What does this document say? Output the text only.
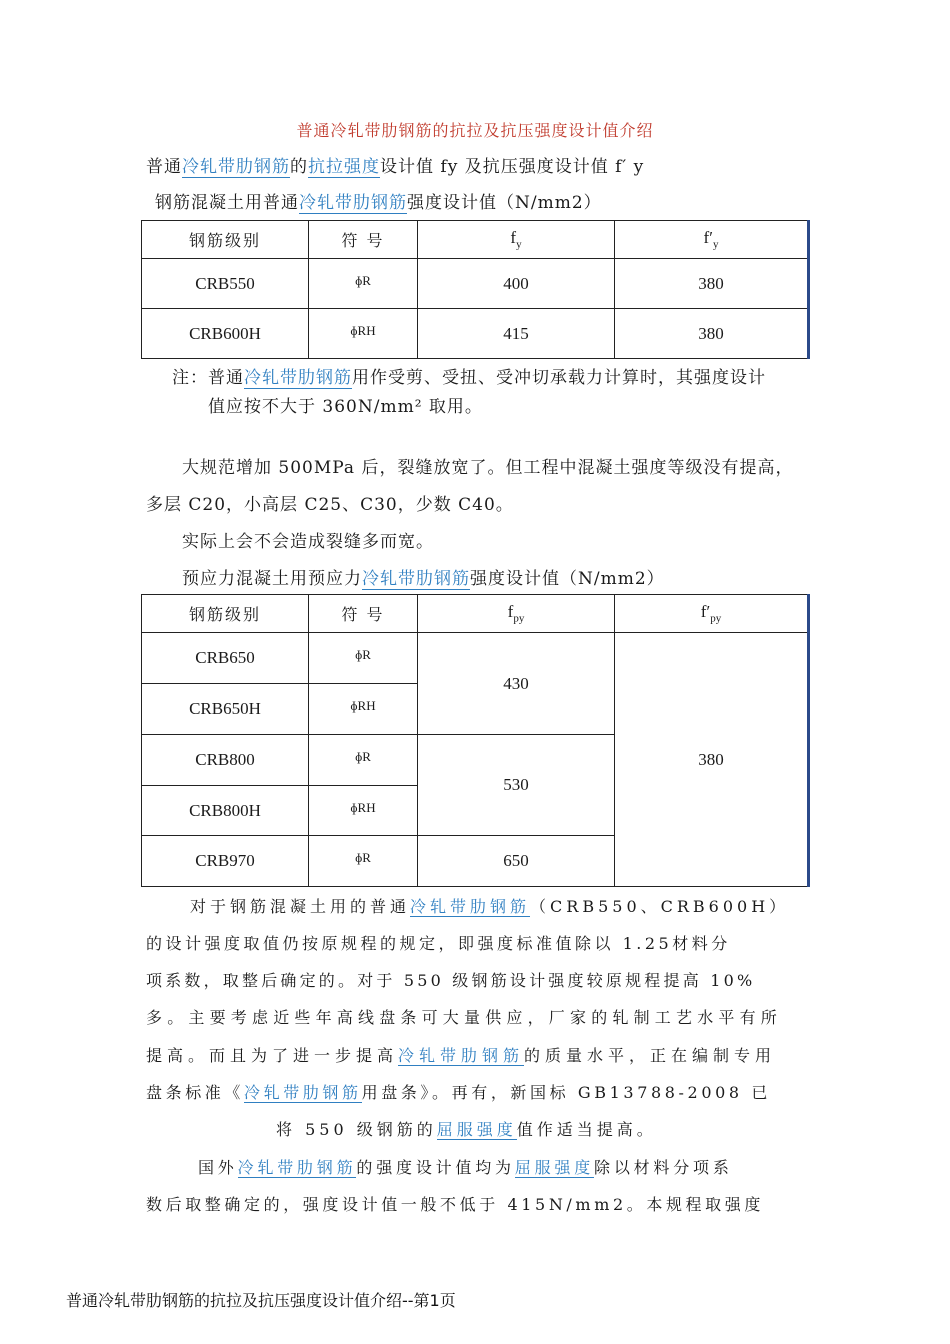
普通冷轧带肋钢筋的抗拉及抗压强度设计值介绍
普通冷轧带肋钢筋的抗拉强度设计值 fy 及抗压强度设计值 f′ y
钢筋混凝土用普通冷轧带肋钢筋强度设计值（N/mm2）
钢筋级别	符 号	$f_y$	$f'_y$
CRB550	$^{ɸR}$	400	380
CRB600H	$^{ɸRH}$	415	380
注：普通冷轧带肋钢筋用作受剪、受扭、受冲切承载力计算时，其强度设计
值应按不大于 360N/mm² 取用。
大规范增加 500MPa 后，裂缝放宽了。但工程中混凝土强度等级没有提高，
多层 C20，小高层 C25、C30，少数 C40。
实际上会不会造成裂缝多而宽。
预应力混凝土用预应力冷轧带肋钢筋强度设计值（N/mm2）
钢筋级别	符 号	$f_{py}$	$f'_{py}$
CRB650	$^{ɸR}$	430	380
CRB650H	$^{ɸRH}$
CRB800	$^{ɸR}$	530	
CRB800H	$^{ɸRH}$
CRB970	$^{ɸR}$	650	
对于钢筋混凝土用的普通冷轧带肋钢筋（CRB550、CRB600H）
的设计强度取值仍按原规程的规定，即强度标准值除以 1.25材料分
项系数，取整后确定的。对于 550 级钢筋设计强度较原规程提高 10%
多。主要考虑近些年高线盘条可大量供应，厂家的轧制工艺水平有所
提高。而且为了进一步提高冷轧带肋钢筋的质量水平，正在编制专用
盘条标准《冷轧带肋钢筋用盘条》。再有，新国标 GB13788-2008 已
将 550 级钢筋的屈服强度值作适当提高。
国外冷轧带肋钢筋的强度设计值均为屈服强度除以材料分项系
数后取整确定的，强度设计值一般不低于 415N/mm2。本规程取强度
普通冷轧带肋钢筋的抗拉及抗压强度设计值介绍--第1页
